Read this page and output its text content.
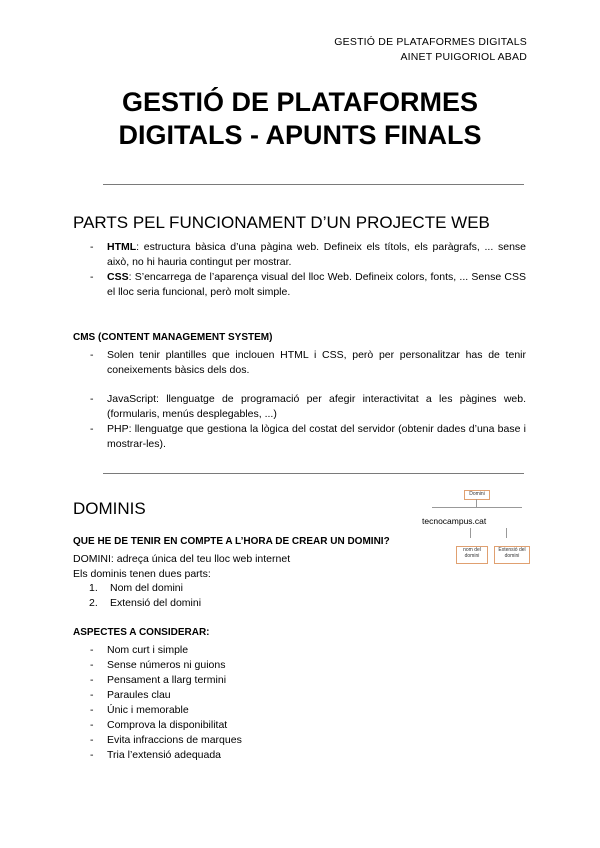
GESTIÓ DE PLATAFORMES DIGITALS
AINET PUIGORIOL ABAD
GESTIÓ DE PLATAFORMES
DIGITALS - APUNTS FINALS
PARTS PEL FUNCIONAMENT D’UN PROJECTE WEB
- HTML: estructura bàsica d’una pàgina web. Defineix els títols, els paràgrafs, ... sense això, no hi hauria contingut per mostrar.
- CSS: S’encarrega de l’aparença visual del lloc Web. Defineix colors, fonts, ... Sense CSS el lloc seria funcional, però molt simple.
CMS (CONTENT MANAGEMENT SYSTEM)
- Solen tenir plantilles que inclouen HTML i CSS, però per personalitzar has de tenir coneixements bàsics dels dos.
- JavaScript: llenguatge de programació per afegir interactivitat a les pàgines web. (formularis, menús desplegables, ...)
- PHP: llenguatge que gestiona la lògica del costat del servidor (obtenir dades d’una base i mostrar-les).
DOMINIS
QUE HE DE TENIR EN COMPTE A L’HORA DE CREAR UN DOMINI?
DOMINI: adreça única del teu lloc web internet
Els dominis tenen dues parts:
1. Nom del domini
2. Extensió del domini
ASPECTES A CONSIDERAR:
- Nom curt i simple
- Sense números ni guions
- Pensament a llarg termini
- Paraules clau
- Únic i memorable
- Comprova la disponibilitat
- Evita infraccions de marques
- Tria l’extensió adequada
Domini
tecnocampus.cat
nom del domini
Extensió del domini
